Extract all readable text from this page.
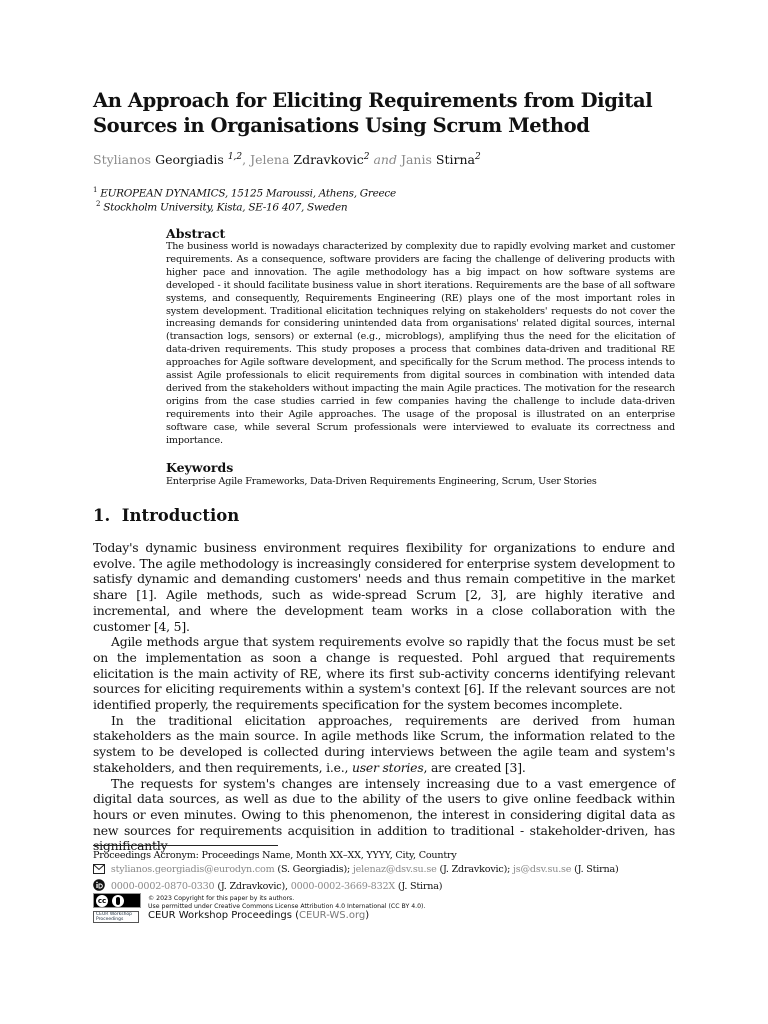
An Approach for Eliciting Requirements from Digital Sources in Organisations Using Scrum Method
Stylianos Georgiadis $^{1,2}$, Jelena Zdravkovic$^2$ and Janis Stirna$^2$
$^1$ EUROPEAN DYNAMICS, 15125 Maroussi, Athens, Greece
$^2$ Stockholm University, Kista, SE-16 407, Sweden
Abstract
The business world is nowadays characterized by complexity due to rapidly evolving market and customer requirements. As a consequence, software providers are facing the challenge of delivering products with higher pace and innovation. The agile methodology has a big impact on how software systems are developed - it should facilitate business value in short iterations. Requirements are the base of all software systems, and consequently, Requirements Engineering (RE) plays one of the most important roles in system development. Traditional elicitation techniques relying on stakeholders' requests do not cover the increasing demands for considering unintended data from organisations' related digital sources, internal (transaction logs, sensors) or external (e.g., microblogs), amplifying thus the need for the elicitation of data-driven requirements. This study proposes a process that combines data-driven and traditional RE approaches for Agile software development, and specifically for the Scrum method. The process intends to assist Agile professionals to elicit requirements from digital sources in combination with intended data derived from the stakeholders without impacting the main Agile practices. The motivation for the research origins from the case studies carried in few companies having the challenge to include data-driven requirements into their Agile approaches. The usage of the proposal is illustrated on an enterprise software case, while several Scrum professionals were interviewed to evaluate its correctness and importance.
Keywords
Enterprise Agile Frameworks, Data-Driven Requirements Engineering, Scrum, User Stories
1. Introduction

Today's dynamic business environment requires flexibility for organizations to endure and evolve. The agile methodology is increasingly considered for enterprise system development to satisfy dynamic and demanding customers' needs and thus remain competitive in the market share [1]. Agile methods, such as wide-spread Scrum [2, 3], are highly iterative and incremental, and where the development team works in a close collaboration with the customer [4, 5].

Agile methods argue that system requirements evolve so rapidly that the focus must be set on the implementation as soon a change is requested. Pohl argued that requirements elicitation is the main activity of RE, where its first sub-activity concerns identifying relevant sources for eliciting requirements within a system's context [6]. If the relevant sources are not identified properly, the requirements specification for the system becomes incomplete.

In the traditional elicitation approaches, requirements are derived from human stakeholders as the main source. In agile methods like Scrum, the information related to the system to be developed is collected during interviews between the agile team and system's stakeholders, and then requirements, i.e., user stories, are created [3].

The requests for system's changes are intensely increasing due to a vast emergence of digital data sources, as well as due to the ability of the users to give online feedback within hours or even minutes. Owing to this phenomenon, the interest in considering digital data as new sources for requirements acquisition in addition to traditional - stakeholder-driven, has significantly

Proceedings Acronym: Proceedings Name, Month XX–XX, YYYY, City, Country
stylianos.georgiadis@eurodyn.com (S. Georgiadis); jelenaz@dsv.su.se (J. Zdravkovic); js@dsv.su.se (J. Stirna)
0000-0002-0870-0330 (J. Zdravkovic), 0000-0002-3669-832X (J. Stirna)
cc	© 2023 Copyright for this paper by its authors.
Use permitted under Creative Commons License Attribution 4.0 International (CC BY 4.0).
CEUR Workshop Proceedings	CEUR Workshop Proceedings (CEUR-WS.org)
